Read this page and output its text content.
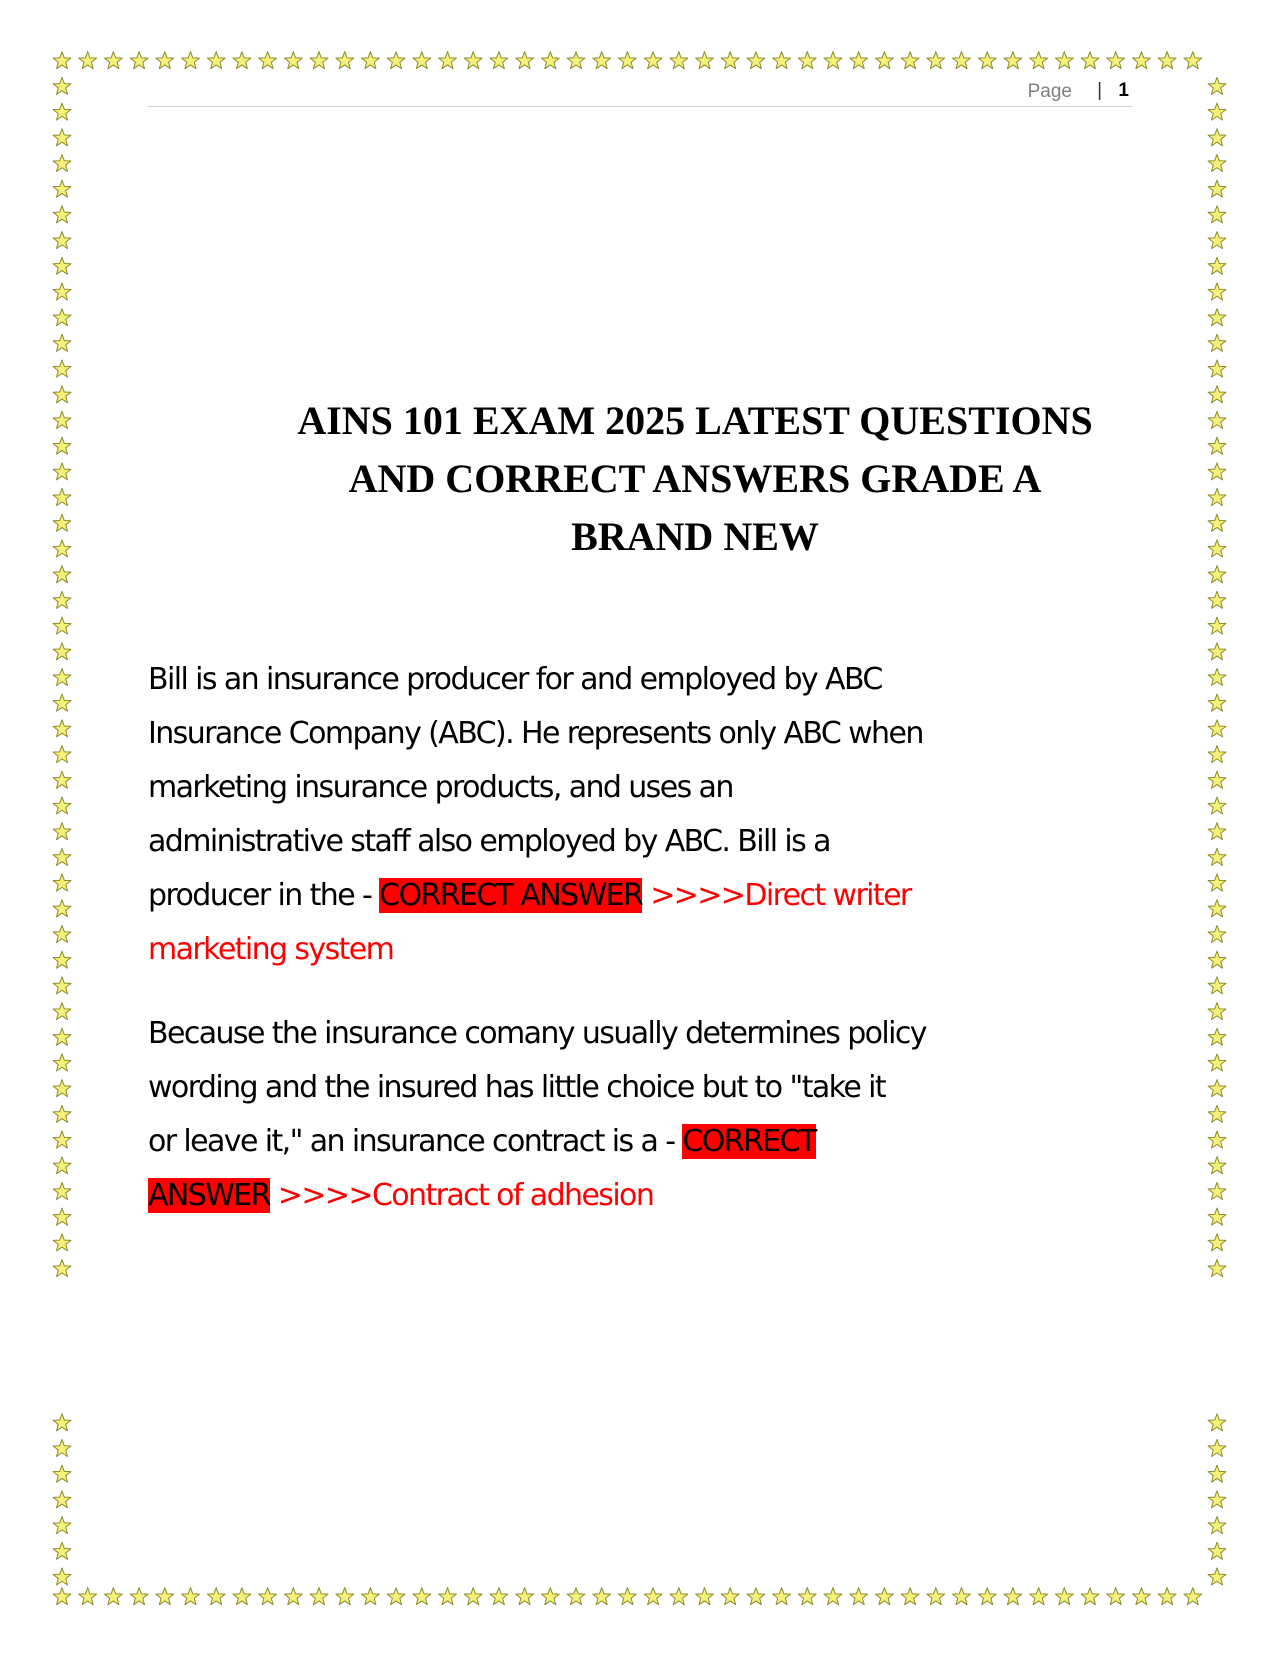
Page | 1
AINS 101 EXAM 2025 LATEST QUESTIONS
AND CORRECT ANSWERS GRADE A
BRAND NEW

Bill is an insurance producer for and employed by ABC
Insurance Company (ABC). He represents only ABC when
marketing insurance products, and uses an
administrative staff also employed by ABC. Bill is a
producer in the - CORRECT ANSWER >>>>Direct writer
marketing system

Because the insurance comany usually determines policy
wording and the insured has little choice but to "take it
or leave it," an insurance contract is a - CORRECT
ANSWER >>>>Contract of adhesion
